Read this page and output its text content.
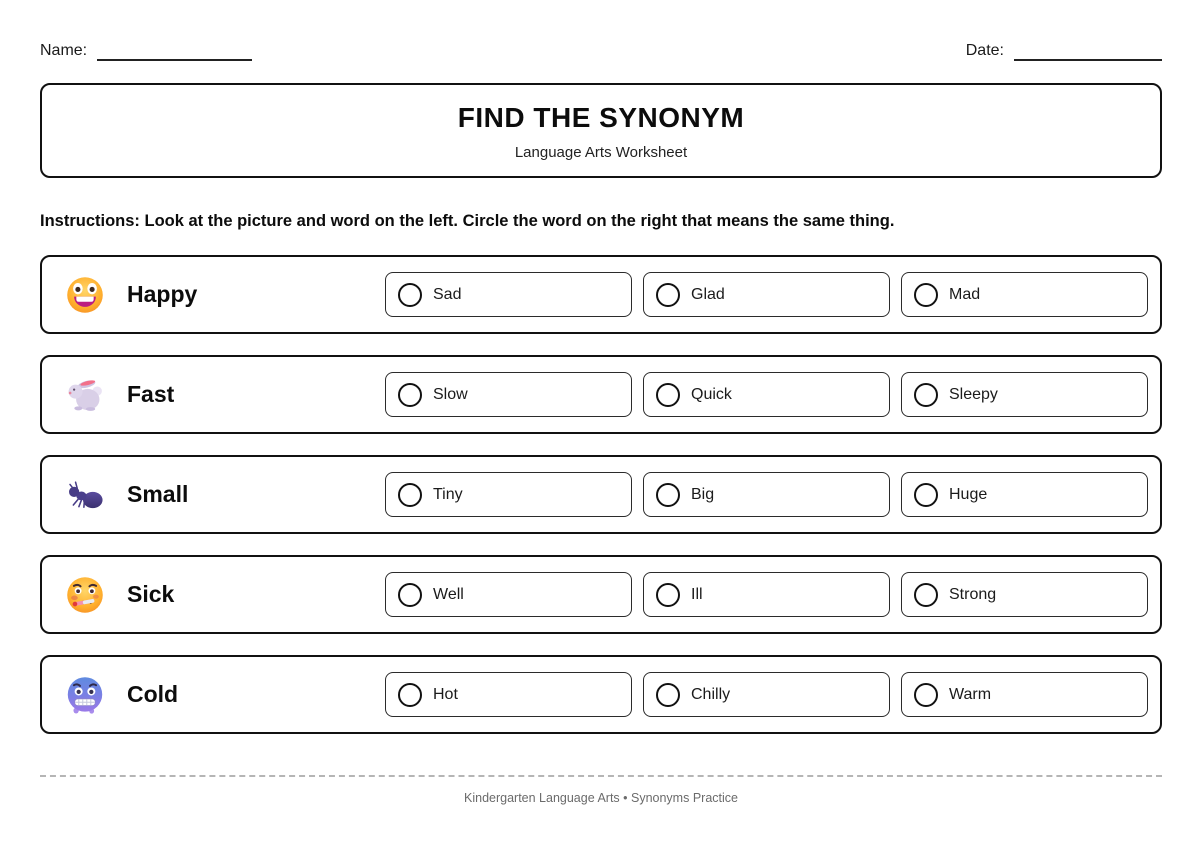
Name:	Date:
FIND THE SYNONYM
Language Arts Worksheet
Instructions: Look at the picture and word on the left. Circle the word on the right that means the same thing.
Happy	Sad	Glad	Mad
Fast	Slow	Quick	Sleepy
Small	Tiny	Big	Huge
Sick	Well	Ill	Strong
Cold	Hot	Chilly	Warm
Kindergarten Language Arts • Synonyms Practice
